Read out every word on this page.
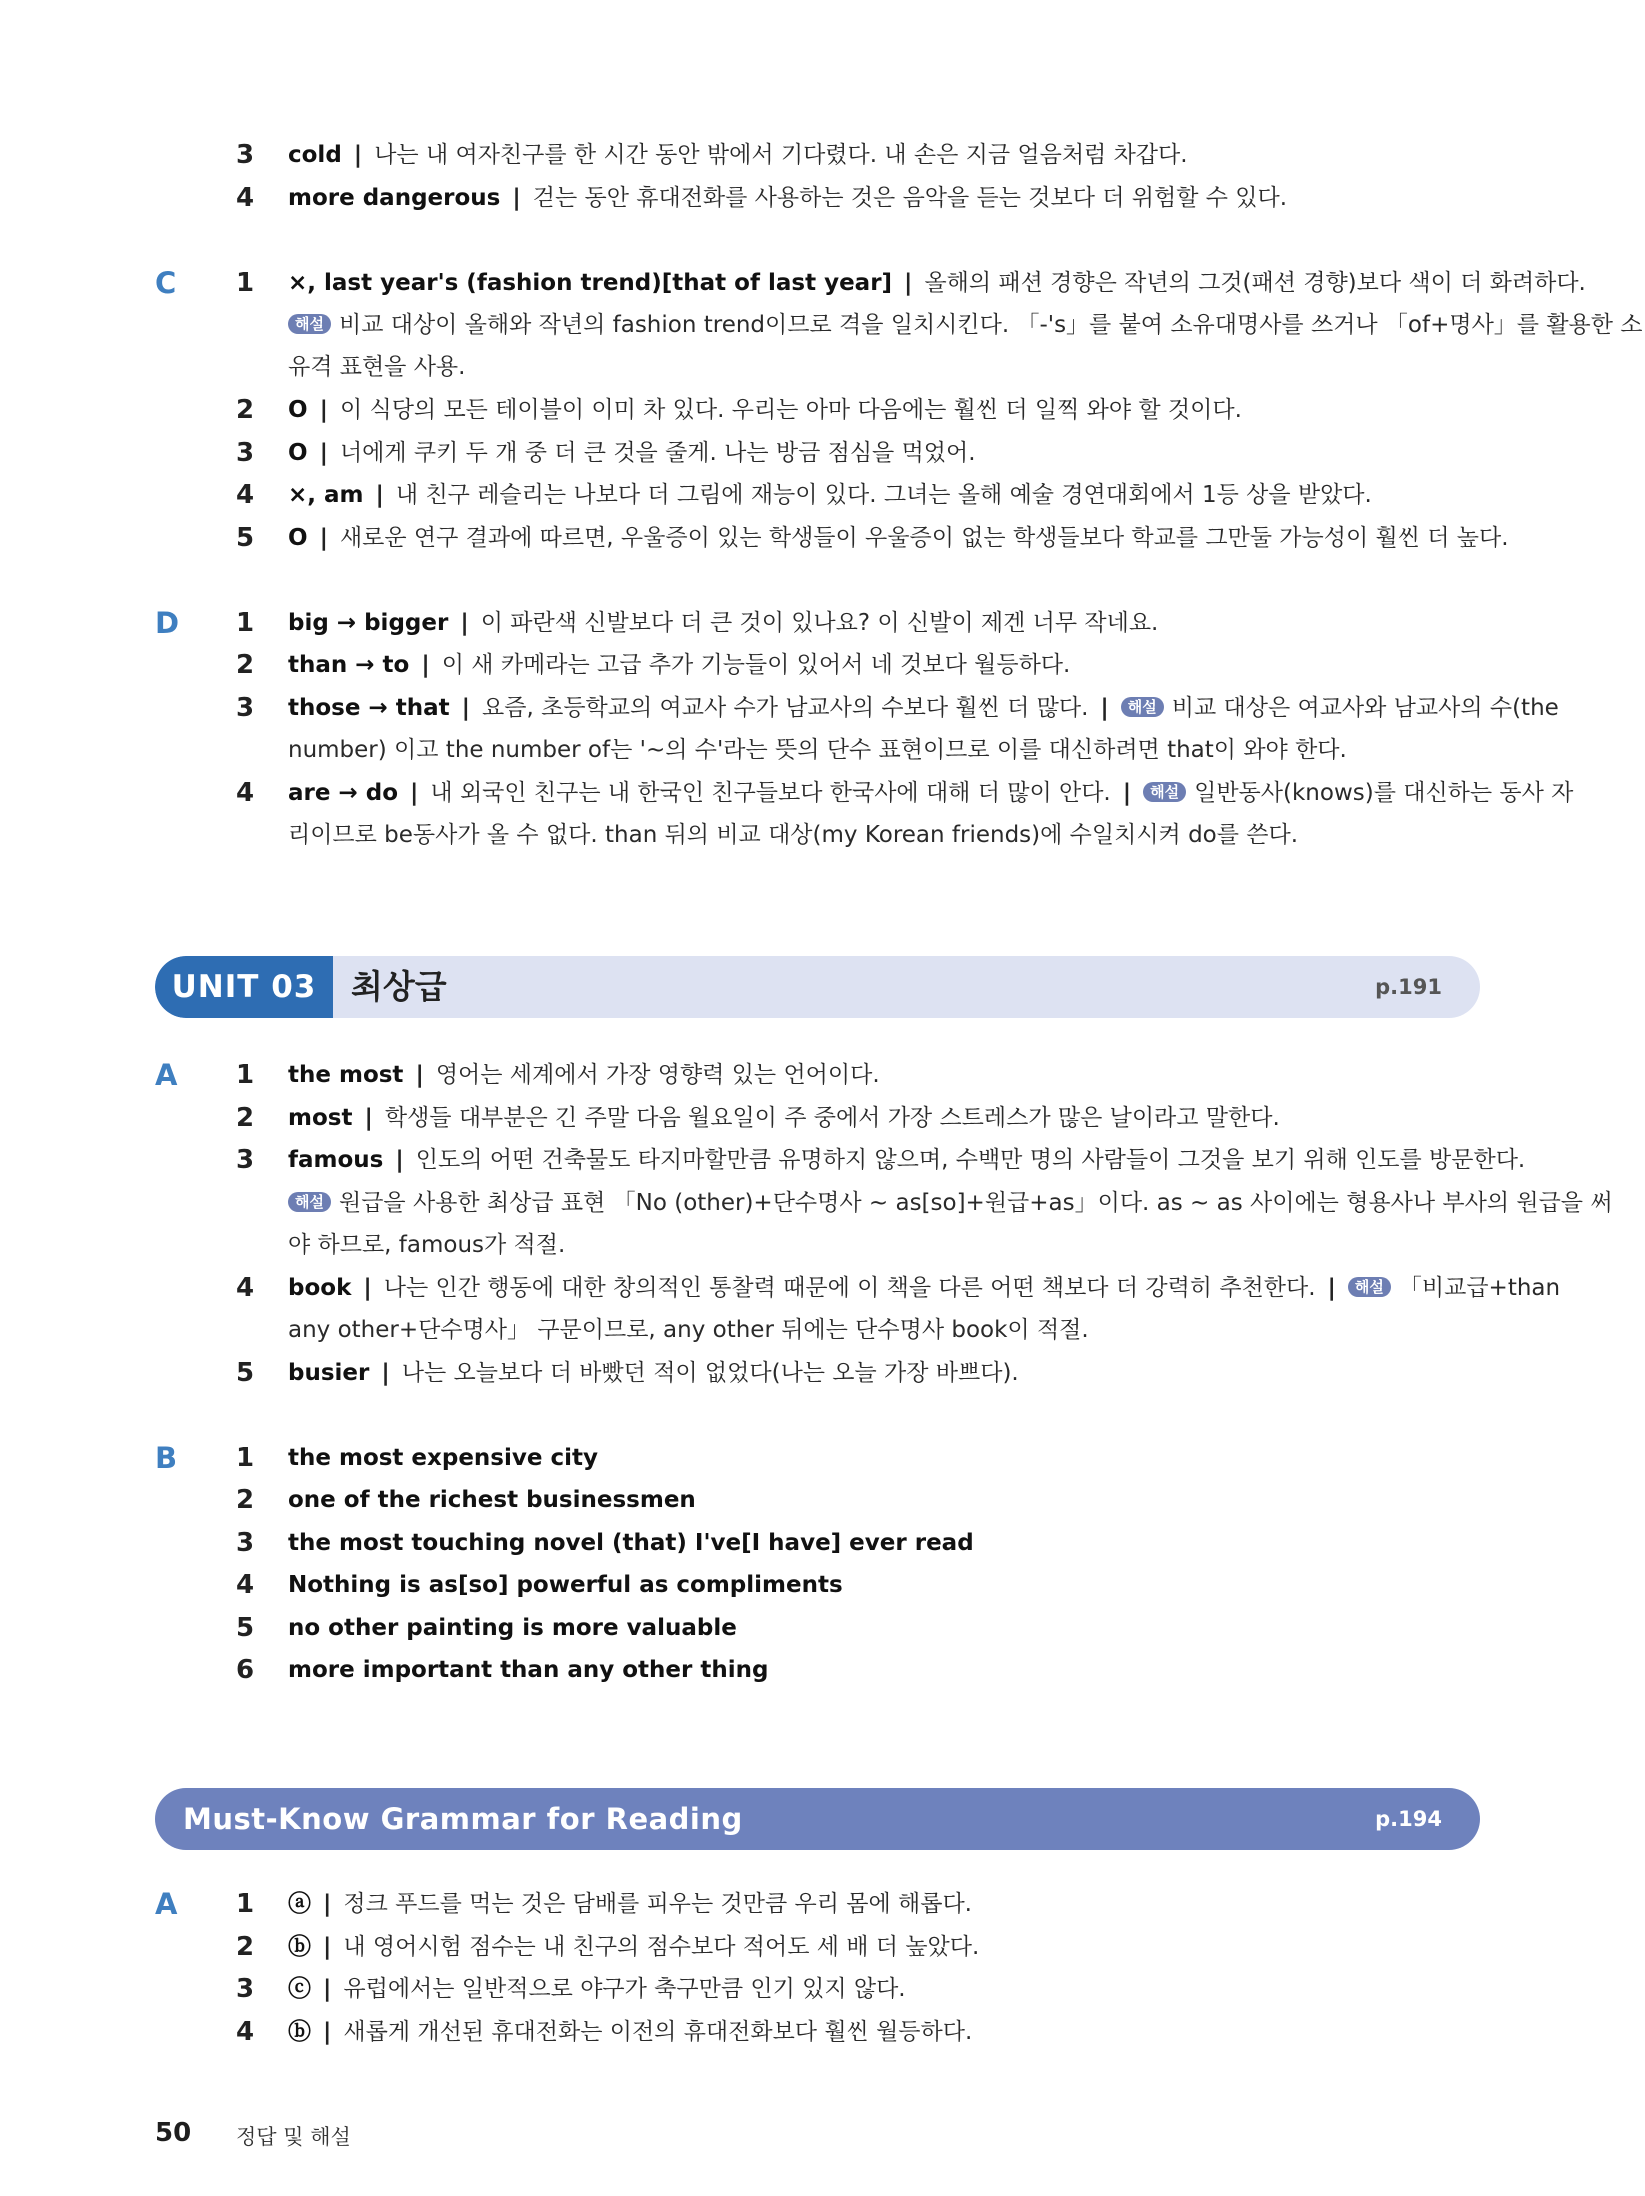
3 cold | 나는 내 여자친구를 한 시간 동안 밖에서 기다렸다. 내 손은 지금 얼음처럼 차갑다.
4 more dangerous | 걷는 동안 휴대전화를 사용하는 것은 음악을 듣는 것보다 더 위험할 수 있다.
C 1 ×, last year's (fashion trend)[that of last year] | 올해의 패션 경향은 작년의 그것(패션 경향)보다 색이 더 화려하다.
해설 비교 대상이 올해와 작년의 fashion trend이므로 격을 일치시킨다. 「-'s」를 붙여 소유대명사를 쓰거나 「of+명사」를 활용한 소
유격 표현을 사용.
2 O | 이 식당의 모든 테이블이 이미 차 있다. 우리는 아마 다음에는 훨씬 더 일찍 와야 할 것이다.
3 O | 너에게 쿠키 두 개 중 더 큰 것을 줄게. 나는 방금 점심을 먹었어.
4 ×, am | 내 친구 레슬리는 나보다 더 그림에 재능이 있다. 그녀는 올해 예술 경연대회에서 1등 상을 받았다.
5 O | 새로운 연구 결과에 따르면, 우울증이 있는 학생들이 우울증이 없는 학생들보다 학교를 그만둘 가능성이 훨씬 더 높다.
D 1 big → bigger | 이 파란색 신발보다 더 큰 것이 있나요? 이 신발이 제겐 너무 작네요.
2 than → to | 이 새 카메라는 고급 추가 기능들이 있어서 네 것보다 월등하다.
3 those → that | 요즘, 초등학교의 여교사 수가 남교사의 수보다 훨씬 더 많다. | 해설 비교 대상은 여교사와 남교사의 수(the
number) 이고 the number of는 '~의 수'라는 뜻의 단수 표현이므로 이를 대신하려면 that이 와야 한다.
4 are → do | 내 외국인 친구는 내 한국인 친구들보다 한국사에 대해 더 많이 안다. | 해설 일반동사(knows)를 대신하는 동사 자
리이므로 be동사가 올 수 없다. than 뒤의 비교 대상(my Korean friends)에 수일치시켜 do를 쓴다.
UNIT 03	최상급	p.191
A 1 the most | 영어는 세계에서 가장 영향력 있는 언어이다.
2 most | 학생들 대부분은 긴 주말 다음 월요일이 주 중에서 가장 스트레스가 많은 날이라고 말한다.
3 famous | 인도의 어떤 건축물도 타지마할만큼 유명하지 않으며, 수백만 명의 사람들이 그것을 보기 위해 인도를 방문한다.
해설 원급을 사용한 최상급 표현 「No (other)+단수명사 ~ as[so]+원급+as」이다. as ~ as 사이에는 형용사나 부사의 원급을 써
야 하므로, famous가 적절.
4 book | 나는 인간 행동에 대한 창의적인 통찰력 때문에 이 책을 다른 어떤 책보다 더 강력히 추천한다. | 해설 「비교급+than
any other+단수명사」 구문이므로, any other 뒤에는 단수명사 book이 적절.
5 busier | 나는 오늘보다 더 바빴던 적이 없었다(나는 오늘 가장 바쁘다).
B 1 the most expensive city
2 one of the richest businessmen
3 the most touching novel (that) I've[I have] ever read
4 Nothing is as[so] powerful as compliments
5 no other painting is more valuable
6 more important than any other thing
Must-Know Grammar for Reading	p.194
A 1 ⓐ | 정크 푸드를 먹는 것은 담배를 피우는 것만큼 우리 몸에 해롭다.
2 ⓑ | 내 영어시험 점수는 내 친구의 점수보다 적어도 세 배 더 높았다.
3 ⓒ | 유럽에서는 일반적으로 야구가 축구만큼 인기 있지 않다.
4 ⓑ | 새롭게 개선된 휴대전화는 이전의 휴대전화보다 훨씬 월등하다.
50 정답 및 해설
